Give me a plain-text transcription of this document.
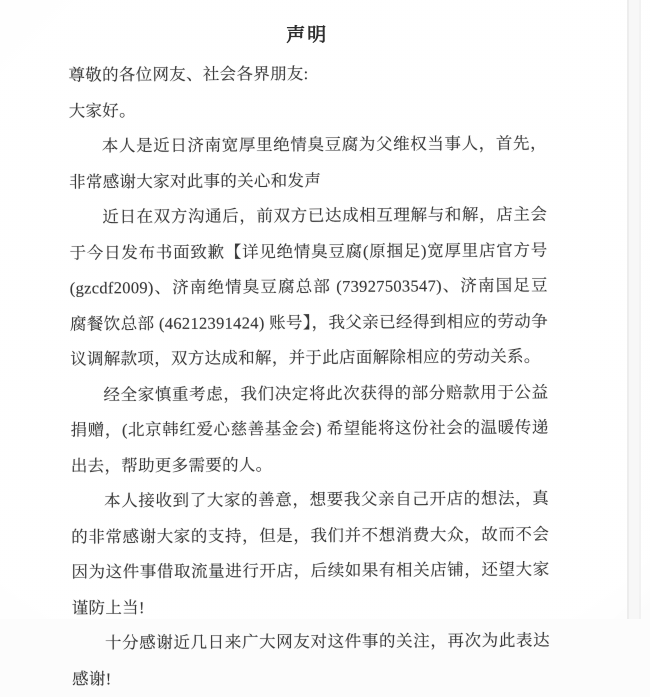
声明

尊敬的各位网友、社会各界朋友:

大家好。

本人是近日济南宽厚里绝情臭豆腐为父维权当事人，首先，非常感谢大家对此事的关心和发声

近日在双方沟通后，前双方已达成相互理解与和解，店主会于今日发布书面致歉【详见绝情臭豆腐(原掴足)宽厚里店官方号(gzcdf2009)、济南绝情臭豆腐总部 (73927503547)、济南国足豆腐餐饮总部 (46212391424) 账号】，我父亲已经得到相应的劳动争议调解款项，双方达成和解，并于此店面解除相应的劳动关系。

经全家慎重考虑，我们决定将此次获得的部分赔款用于公益捐赠，(北京韩红爱心慈善基金会) 希望能将这份社会的温暖传递出去，帮助更多需要的人。

本人接收到了大家的善意，想要我父亲自己开店的想法，真的非常感谢大家的支持，但是，我们并不想消费大众，故而不会因为这件事借取流量进行开店，后续如果有相关店铺，还望大家谨防上当!

十分感谢近几日来广大网友对这件事的关注，再次为此表达感谢!
